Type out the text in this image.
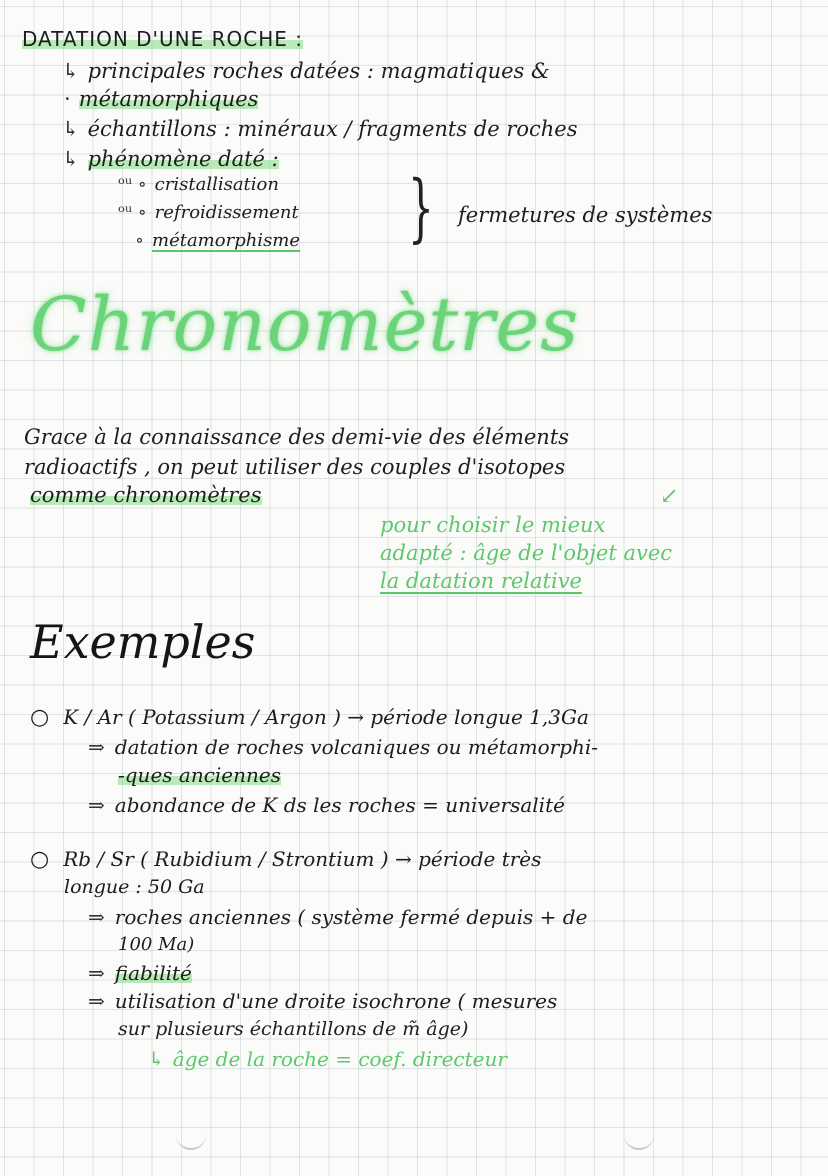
DATATION D'UNE ROCHE :
↳ principales roches datées : magmatiques &
· métamorphiques
↳ échantillons : minéraux / fragments de roches
↳ phénomène daté :
ᵒᵘ ∘ cristallisation
ᵒᵘ ∘ refroidissement
∘ métamorphisme } fermetures de systèmes
Chronomètres
Grace à la connaissance des demi-vie des éléments
radioactifs , on peut utiliser des couples d'isotopes
comme chronomètres	↙
pour choisir le mieux
adapté : âge de l'objet avec
la datation relative
Exemples
○ K / Ar ( Potassium / Argon ) → période longue 1,3Ga
⇒ datation de roches volcaniques ou métamorphi-
-ques anciennes
⇒ abondance de K ds les roches = universalité
○ Rb / Sr ( Rubidium / Strontium ) → période très
longue : 50 Ga
⇒ roches anciennes ( système fermé depuis + de
100 Ma)
⇒ fiabilité
⇒ utilisation d'une droite isochrone ( mesures
sur plusieurs échantillons de m̃ âge)
↳ âge de la roche = coef. directeur
